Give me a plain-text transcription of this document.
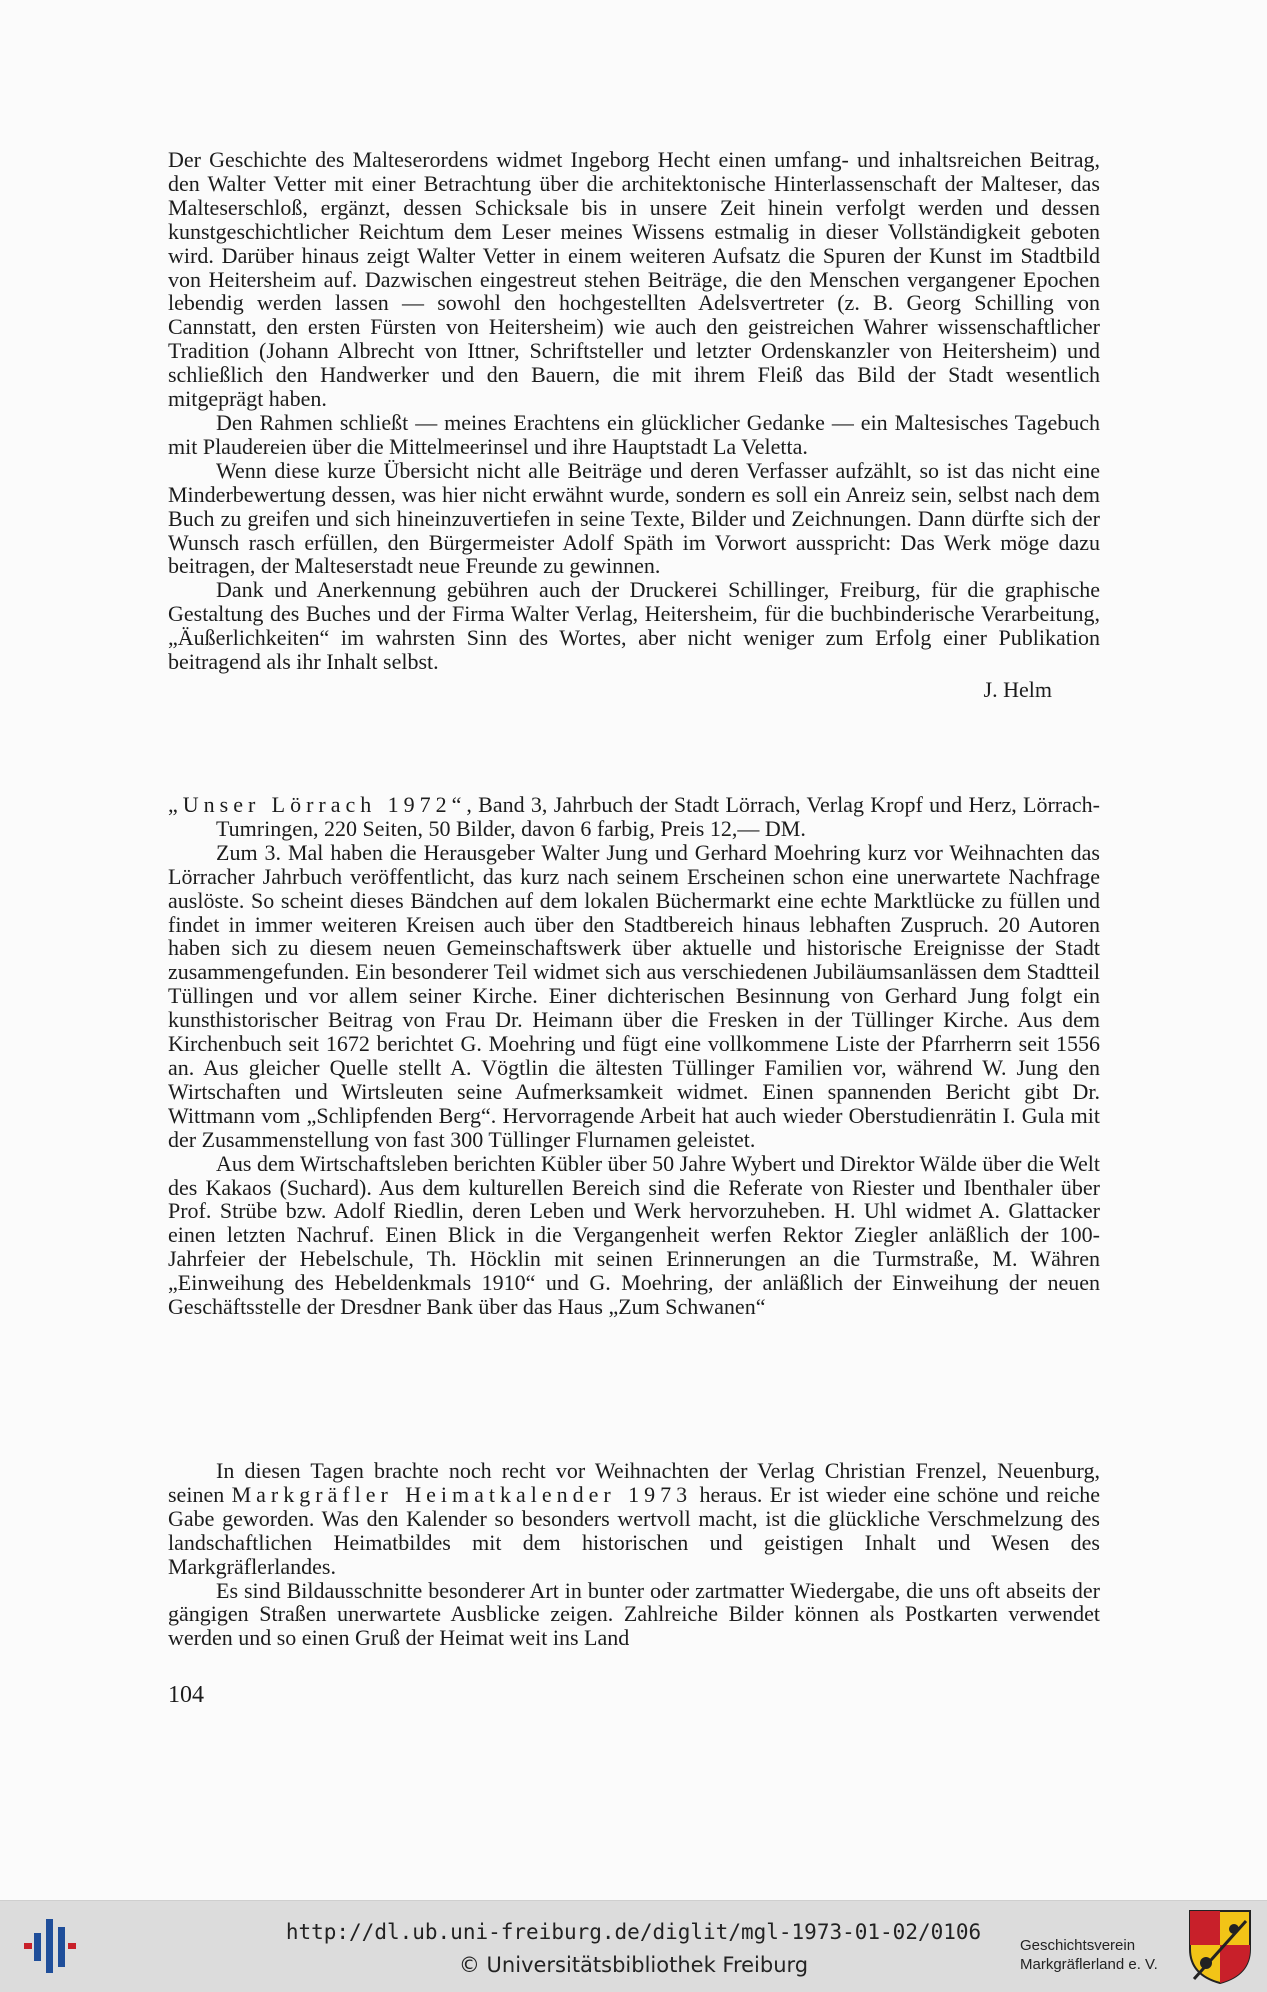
Der Geschichte des Malteserordens widmet Ingeborg Hecht einen umfang- und inhaltsreichen Beitrag, den Walter Vetter mit einer Betrachtung über die architektonische Hinterlassenschaft der Malteser, das Malteserschloß, ergänzt, dessen Schicksale bis in unsere Zeit hinein verfolgt werden und dessen kunstgeschichtlicher Reichtum dem Leser meines Wissens estmalig in dieser Vollständigkeit geboten wird. Darüber hinaus zeigt Walter Vetter in einem weiteren Aufsatz die Spuren der Kunst im Stadtbild von Heitersheim auf. Dazwischen eingestreut stehen Beiträge, die den Menschen vergangener Epochen lebendig werden lassen — sowohl den hochgestellten Adelsvertreter (z. B. Georg Schilling von Cannstatt, den ersten Fürsten von Heitersheim) wie auch den geistreichen Wahrer wissenschaftlicher Tradition (Johann Albrecht von Ittner, Schriftsteller und letzter Ordenskanzler von Heitersheim) und schließlich den Handwerker und den Bauern, die mit ihrem Fleiß das Bild der Stadt wesentlich mitgeprägt haben.

Den Rahmen schließt — meines Erachtens ein glücklicher Gedanke — ein Maltesisches Tagebuch mit Plaudereien über die Mittelmeerinsel und ihre Hauptstadt La Veletta.

Wenn diese kurze Übersicht nicht alle Beiträge und deren Verfasser aufzählt, so ist das nicht eine Minderbewertung dessen, was hier nicht erwähnt wurde, sondern es soll ein Anreiz sein, selbst nach dem Buch zu greifen und sich hineinzuvertiefen in seine Texte, Bilder und Zeichnungen. Dann dürfte sich der Wunsch rasch erfüllen, den Bürgermeister Adolf Späth im Vorwort ausspricht: Das Werk möge dazu beitragen, der Malteserstadt neue Freunde zu gewinnen.

Dank und Anerkennung gebühren auch der Druckerei Schillinger, Freiburg, für die graphische Gestaltung des Buches und der Firma Walter Verlag, Heitersheim, für die buchbinderische Verarbeitung, „Äußerlichkeiten“ im wahrsten Sinn des Wortes, aber nicht weniger zum Erfolg einer Publikation beitragend als ihr Inhalt selbst.

J. Helm

„Unser Lörrach 1972“, Band 3, Jahrbuch der Stadt Lörrach, Verlag Kropf und Herz, Lörrach-Tumringen, 220 Seiten, 50 Bilder, davon 6 farbig, Preis 12,— DM.

Zum 3. Mal haben die Herausgeber Walter Jung und Gerhard Moehring kurz vor Weihnachten das Lörracher Jahrbuch veröffentlicht, das kurz nach seinem Erscheinen schon eine unerwartete Nachfrage auslöste. So scheint dieses Bändchen auf dem lokalen Büchermarkt eine echte Marktlücke zu füllen und findet in immer weiteren Kreisen auch über den Stadtbereich hinaus lebhaften Zuspruch. 20 Autoren haben sich zu diesem neuen Gemeinschaftswerk über aktuelle und historische Ereignisse der Stadt zusammengefunden. Ein besonderer Teil widmet sich aus verschiedenen Jubiläumsanlässen dem Stadtteil Tüllingen und vor allem seiner Kirche. Einer dichterischen Besinnung von Gerhard Jung folgt ein kunsthistorischer Beitrag von Frau Dr. Heimann über die Fresken in der Tüllinger Kirche. Aus dem Kirchenbuch seit 1672 berichtet G. Moehring und fügt eine vollkommene Liste der Pfarrherrn seit 1556 an. Aus gleicher Quelle stellt A. Vögtlin die ältesten Tüllinger Familien vor, während W. Jung den Wirtschaften und Wirtsleuten seine Aufmerksamkeit widmet. Einen spannenden Bericht gibt Dr. Wittmann vom „Schlipfenden Berg“. Hervorragende Arbeit hat auch wieder Oberstudienrätin I. Gula mit der Zusammenstellung von fast 300 Tüllinger Flurnamen geleistet.

Aus dem Wirtschaftsleben berichten Kübler über 50 Jahre Wybert und Direktor Wälde über die Welt des Kakaos (Suchard). Aus dem kulturellen Bereich sind die Referate von Riester und Ibenthaler über Prof. Strübe bzw. Adolf Riedlin, deren Leben und Werk hervorzuheben. H. Uhl widmet A. Glattacker einen letzten Nachruf. Einen Blick in die Vergangenheit werfen Rektor Ziegler anläßlich der 100-Jahrfeier der Hebelschule, Th. Höcklin mit seinen Erinnerungen an die Turmstraße, M. Währen „Einweihung des Hebeldenkmals 1910“ und G. Moehring, der anläßlich der Einweihung der neuen Geschäftsstelle der Dresdner Bank über das Haus „Zum Schwanen“

In diesen Tagen brachte noch recht vor Weihnachten der Verlag Christian Frenzel, Neuenburg, seinen Markgräfler Heimatkalender 1973 heraus. Er ist wieder eine schöne und reiche Gabe geworden. Was den Kalender so besonders wertvoll macht, ist die glückliche Verschmelzung des landschaftlichen Heimatbildes mit dem historischen und geistigen Inhalt und Wesen des Markgräflerlandes.

Es sind Bildausschnitte besonderer Art in bunter oder zartmatter Wiedergabe, die uns oft abseits der gängigen Straßen unerwartete Ausblicke zeigen. Zahlreiche Bilder können als Postkarten verwendet werden und so einen Gruß der Heimat weit ins Land

104
http://dl.ub.uni-freiburg.de/diglit/mgl-1973-01-02/0106
© Universitätsbibliothek Freiburg
Geschichtsverein
Markgräflerland e. V.
